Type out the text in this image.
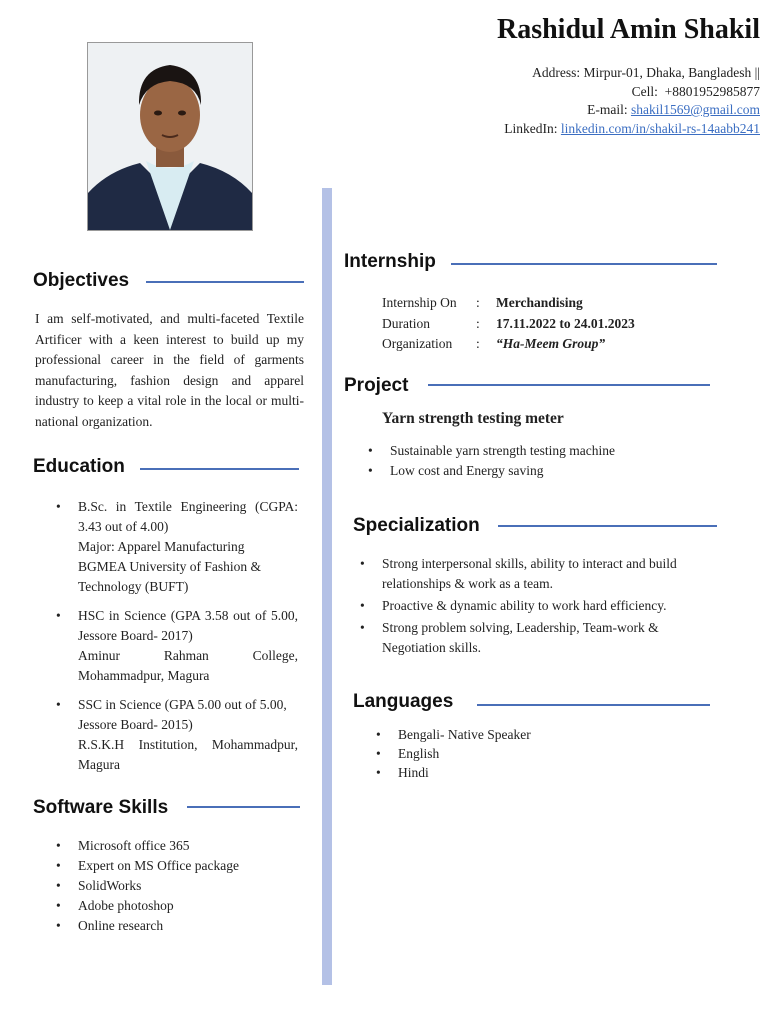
Rashidul Amin Shakil
Address: Mirpur-01, Dhaka, Bangladesh ||
Cell: +8801952985877
E-mail: shakil1569@gmail.com
LinkedIn: linkedin.com/in/shakil-rs-14aabb241
Objectives
I am self-motivated, and multi-faceted Textile Artificer with a keen interest to build up my professional career in the field of garments manufacturing, fashion design and apparel industry to keep a vital role in the local or multi-national organization.
Education
• B.Sc. in Textile Engineering (CGPA: 3.43 out of 4.00)
Major: Apparel Manufacturing
BGMEA University of Fashion & Technology (BUFT)
• HSC in Science (GPA 3.58 out of 5.00, Jessore Board- 2017)
Aminur Rahman College, Mohammadpur, Magura
• SSC in Science (GPA 5.00 out of 5.00, Jessore Board- 2015)
R.S.K.H Institution, Mohammadpur, Magura
Software Skills
• Microsoft office 365
• Expert on MS Office package
• SolidWorks
• Adobe photoshop
• Online research
Internship
Internship On : Merchandising
Duration	: 17.11.2022 to 24.01.2023
Organization : “Ha-Meem Group”
Project
Yarn strength testing meter
• Sustainable yarn strength testing machine
• Low cost and Energy saving
Specialization
• Strong interpersonal skills, ability to interact and build relationships & work as a team.
• Proactive & dynamic ability to work hard efficiency.
• Strong problem solving, Leadership, Team-work & Negotiation skills.
Languages
• Bengali- Native Speaker
• English
• Hindi
